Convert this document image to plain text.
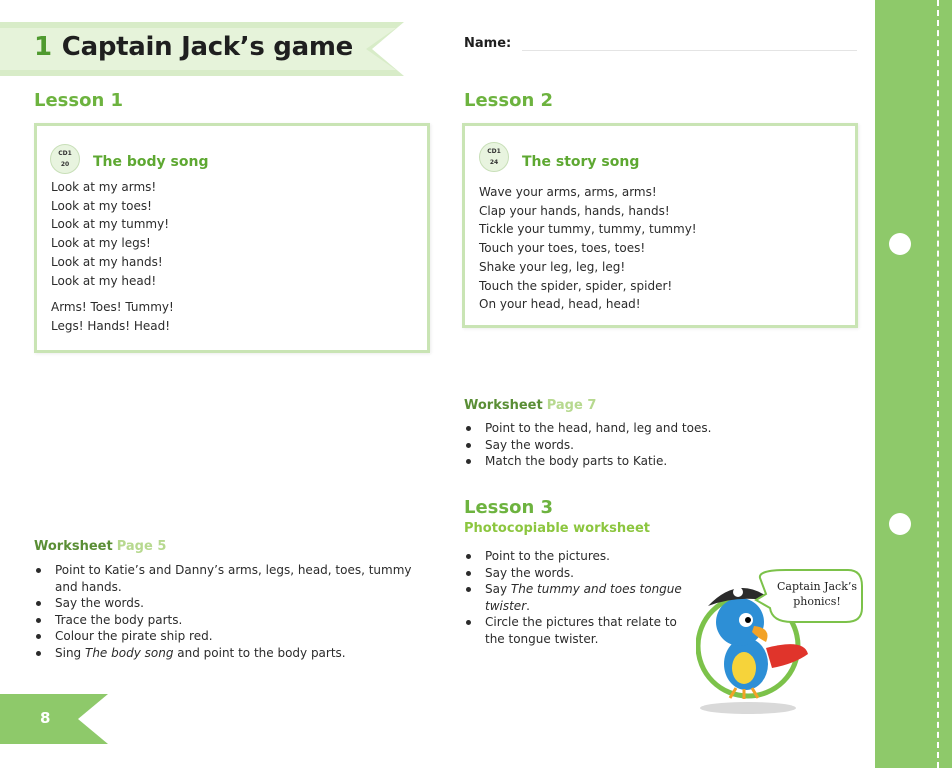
1 Captain Jack’s game	Name:
Lesson 1
CD1
20	The body song
Look at my arms!
Look at my toes!
Look at my tummy!
Look at my legs!
Look at my hands!
Look at my head!
Arms! Toes! Tummy!
Legs! Hands! Head!
Worksheet Page 5
Point to Katie’s and Danny’s arms, legs, head, toes, tummy and hands.
Say the words.
Trace the body parts.
Colour the pirate ship red.
Sing The body song and point to the body parts.
Lesson 2
CD1
24	The story song
Wave your arms, arms, arms!
Clap your hands, hands, hands!
Tickle your tummy, tummy, tummy!
Touch your toes, toes, toes!
Shake your leg, leg, leg!
Touch the spider, spider, spider!
On your head, head, head!
Worksheet Page 7
Point to the head, hand, leg and toes.
Say the words.
Match the body parts to Katie.
Lesson 3
Photocopiable worksheet
Point to the pictures.
Say the words.
Say The tummy and toes tongue twister.
Circle the pictures that relate to the tongue twister.
Captain Jack’s
phonics!
8
